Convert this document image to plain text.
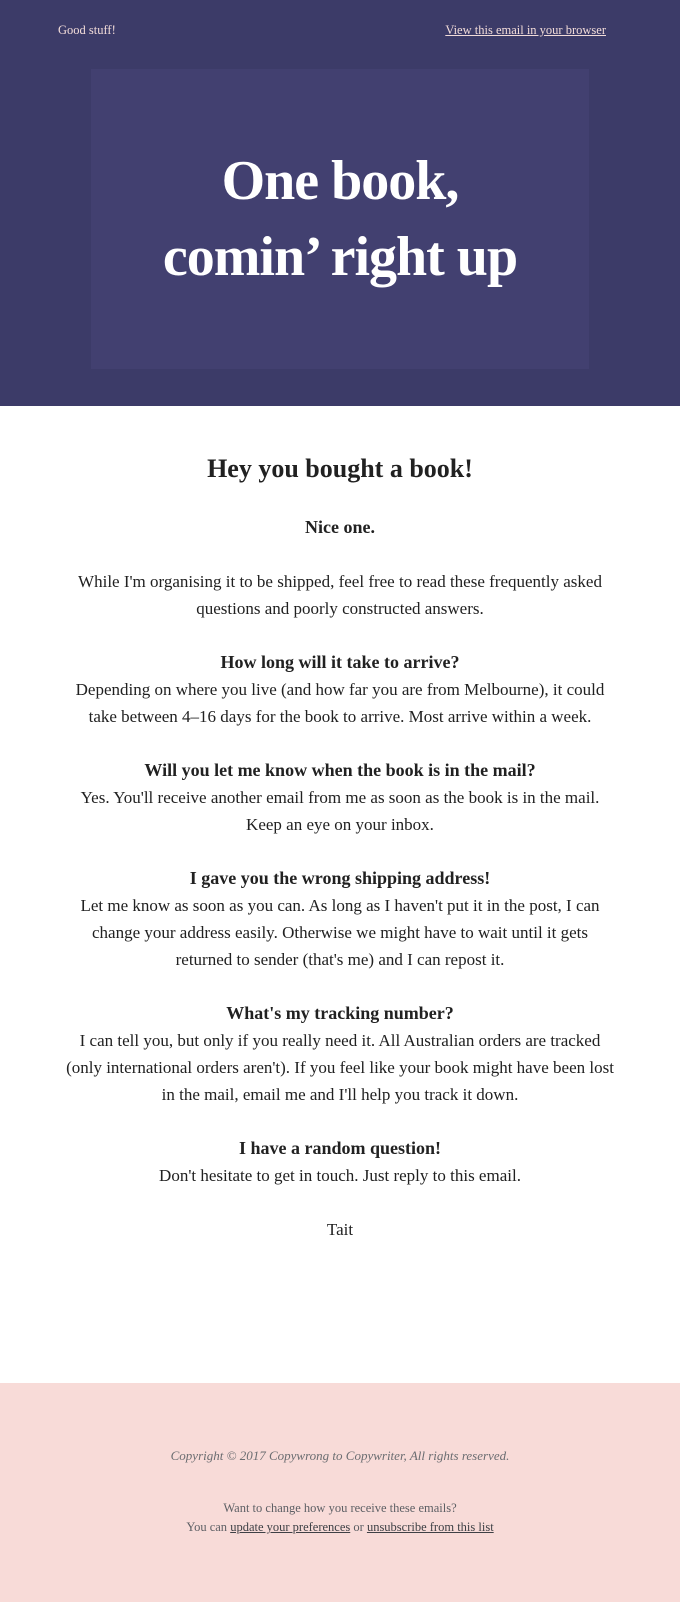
Good stuff!	View this email in your browser
One book,
comin’ right up
Hey you bought a book!

Nice one.

While I'm organising it to be shipped, feel free to read these frequently asked questions and poorly constructed answers.

How long will it take to arrive?
Depending on where you live (and how far you are from Melbourne), it could take between 4–16 days for the book to arrive. Most arrive within a week.

Will you let me know when the book is in the mail?
Yes. You'll receive another email from me as soon as the book is in the mail. Keep an eye on your inbox.

I gave you the wrong shipping address!
Let me know as soon as you can. As long as I haven't put it in the post, I can change your address easily. Otherwise we might have to wait until it gets returned to sender (that's me) and I can repost it.

What's my tracking number?
I can tell you, but only if you really need it. All Australian orders are tracked (only international orders aren't). If you feel like your book might have been lost in the mail, email me and I'll help you track it down.

I have a random question!
Don't hesitate to get in touch. Just reply to this email.

Tait

Copyright © 2017 Copywrong to Copywriter, All rights reserved.

Want to change how you receive these emails?

You can update your preferences or unsubscribe from this list
